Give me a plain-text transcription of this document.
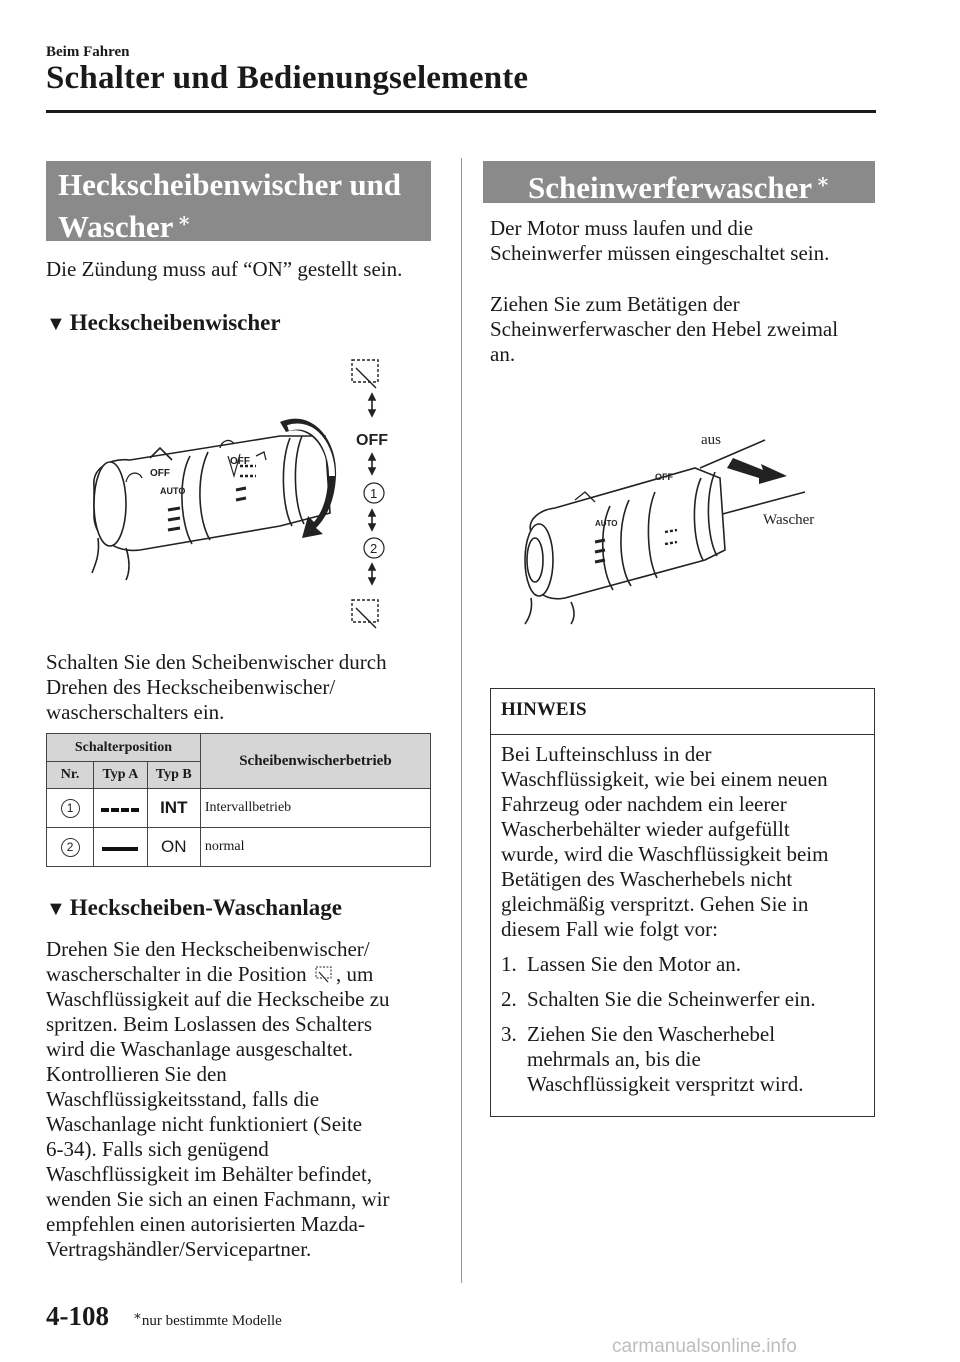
Beim Fahren
Schalter und Bedienungselemente
Heckscheibenwischer und
Wascher ∗
Die Zündung muss auf “ON” gestellt sein.
▼ Heckscheibenwischer
OFF
AUTO
OFF
OFF
1
2
Schalten Sie den Scheibenwischer durch
Drehen des Heckscheibenwischer/
wascherschalters ein.
Schalterposition			Scheibenwischerbetrieb
Nr.	Typ A	Typ B	
1		INT	Intervallbetrieb
2		ON	normal
▼ Heckscheiben-Waschanlage
Drehen Sie den Heckscheibenwischer/
wascherschalter in die Position , um
Waschflüssigkeit auf die Heckscheibe zu
spritzen. Beim Loslassen des Schalters
wird die Waschanlage ausgeschaltet.
Kontrollieren Sie den
Waschflüssigkeitsstand, falls die
Waschanlage nicht funktioniert (Seite
6-34). Falls sich genügend
Waschflüssigkeit im Behälter befindet,
wenden Sie sich an einen Fachmann, wir
empfehlen einen autorisierten Mazda-
Vertragshändler/Servicepartner.
Scheinwerferwascher ∗
Der Motor muss laufen und die
Scheinwerfer müssen eingeschaltet sein.
Ziehen Sie zum Betätigen der
Scheinwerferwascher den Hebel zweimal
an.
OFF
AUTO
aus
Wascher
HINWEIS
Bei Lufteinschluss in der
Waschflüssigkeit, wie bei einem neuen
Fahrzeug oder nachdem ein leerer
Wascherbehälter wieder aufgefüllt
wurde, wird die Waschflüssigkeit beim
Betätigen des Wascherhebels nicht
gleichmäßig verspritzt. Gehen Sie in
diesem Fall wie folgt vor:
1. Lassen Sie den Motor an.
2. Schalten Sie die Scheinwerfer ein.
3. Ziehen Sie den Wascherhebel
mehrmals an, bis die
Waschflüssigkeit verspritzt wird.
4-108 ∗nur bestimmte Modelle
carmanualsonline.info
